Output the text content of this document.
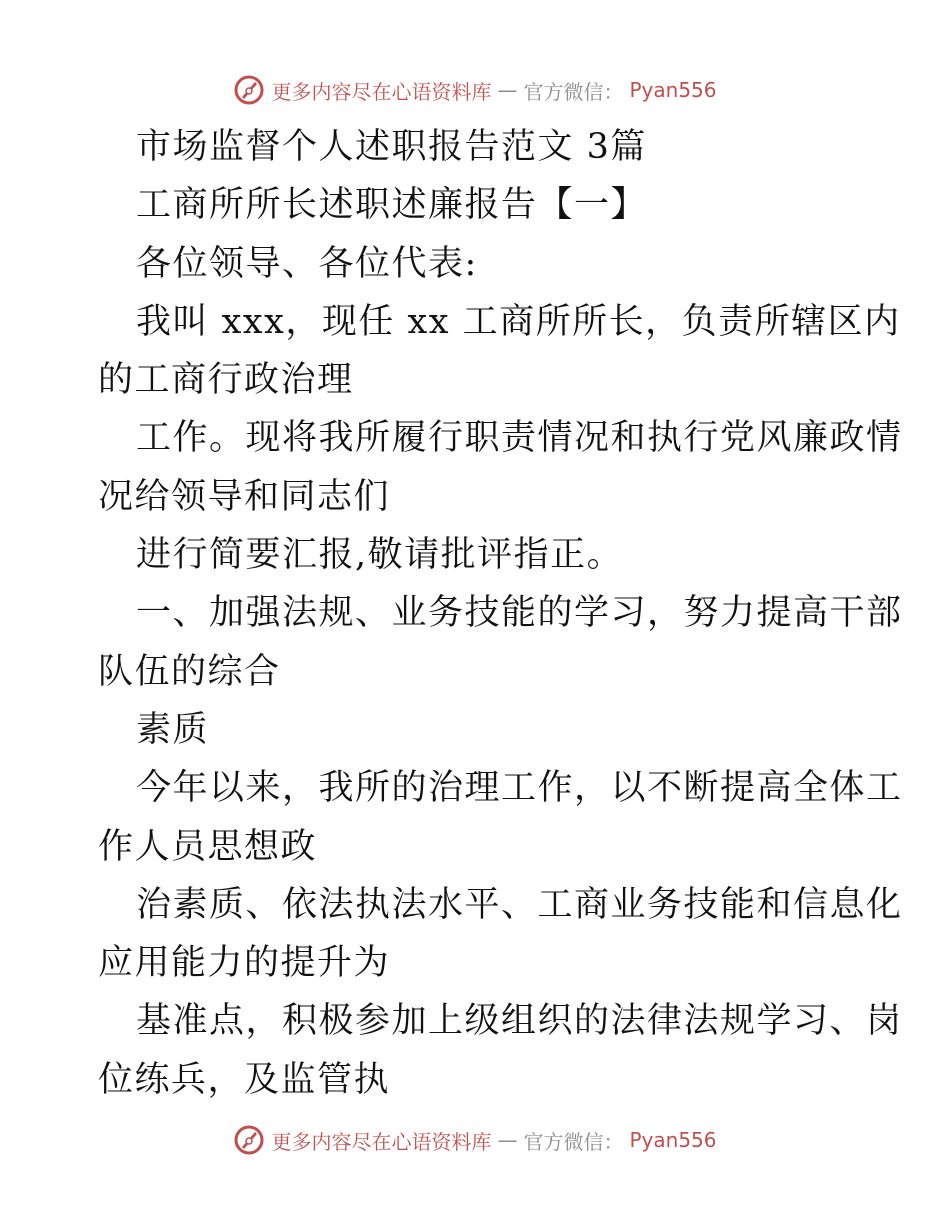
更多内容尽在心语资料库 — 官方微信： Pyan556
市场监督个人述职报告范文 3篇
工商所所长述职述廉报告【一】
各位领导、各位代表:
我叫 xxx，现任 xx 工商所所长，负责所辖区内
的工商行政治理
工作。现将我所履行职责情况和执行党风廉政情
况给领导和同志们
进行简要汇报,敬请批评指正。
一、加强法规、业务技能的学习，努力提高干部
队伍的综合
素质
今年以来，我所的治理工作，以不断提高全体工
作人员思想政
治素质、依法执法水平、工商业务技能和信息化
应用能力的提升为
基准点，积极参加上级组织的法律法规学习、岗
位练兵，及监管执
更多内容尽在心语资料库 — 官方微信： Pyan556
